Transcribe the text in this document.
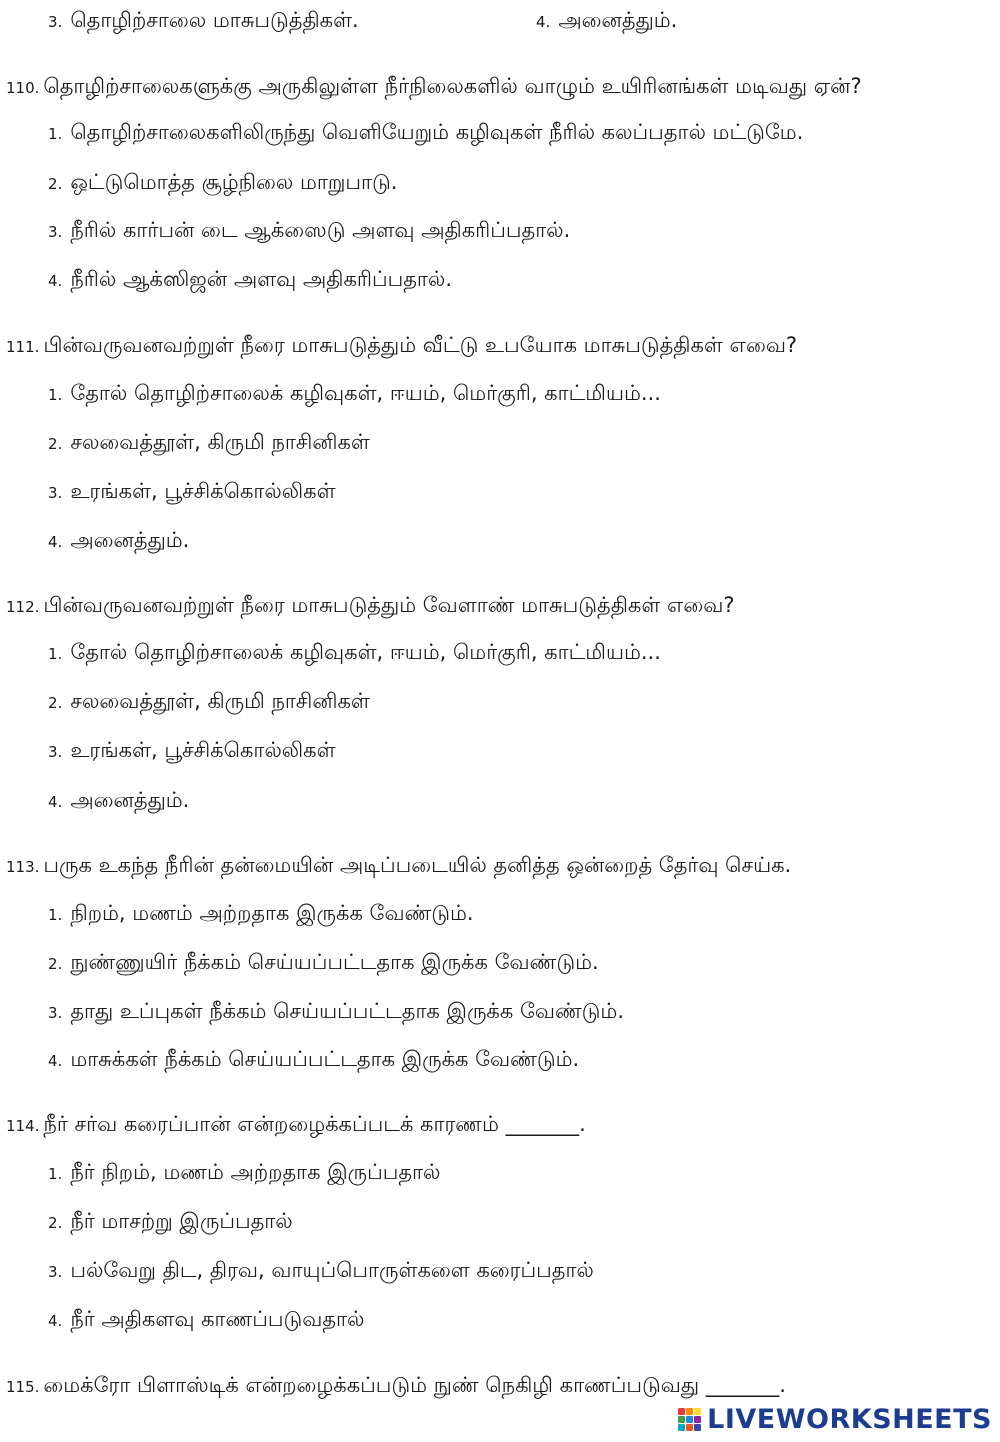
3. தொழிற்சாலை மாசுபடுத்திகள்.	4. அனைத்தும்.
110. தொழிற்சாலைகளுக்கு அருகிலுள்ள நீர்நிலைகளில் வாழும் உயிரினங்கள் மடிவது ஏன்?
1. தொழிற்சாலைகளிலிருந்து வெளியேறும் கழிவுகள் நீரில் கலப்பதால் மட்டுமே.
2. ஒட்டுமொத்த சூழ்நிலை மாறுபாடு.
3. நீரில் கார்பன் டை ஆக்ஸைடு அளவு அதிகரிப்பதால்.
4. நீரில் ஆக்ஸிஜன் அளவு அதிகரிப்பதால்.
111. பின்வருவனவற்றுள் நீரை மாசுபடுத்தும் வீட்டு உபயோக மாசுபடுத்திகள் எவை?
1. தோல் தொழிற்சாலைக் கழிவுகள், ஈயம், மெர்குரி, காட்மியம்...
2. சலவைத்தூள், கிருமி நாசினிகள்
3. உரங்கள், பூச்சிக்கொல்லிகள்
4. அனைத்தும்.
112. பின்வருவனவற்றுள் நீரை மாசுபடுத்தும் வேளாண் மாசுபடுத்திகள் எவை?
1. தோல் தொழிற்சாலைக் கழிவுகள், ஈயம், மெர்குரி, காட்மியம்...
2. சலவைத்தூள், கிருமி நாசினிகள்
3. உரங்கள், பூச்சிக்கொல்லிகள்
4. அனைத்தும்.
113. பருக உகந்த நீரின் தன்மையின் அடிப்படையில் தனித்த ஒன்றைத் தேர்வு செய்க.
1. நிறம், மணம் அற்றதாக இருக்க வேண்டும்.
2. நுண்ணுயிர் நீக்கம் செய்யப்பட்டதாக இருக்க வேண்டும்.
3. தாது உப்புகள் நீக்கம் செய்யப்பட்டதாக இருக்க வேண்டும்.
4. மாசுக்கள் நீக்கம் செய்யப்பட்டதாக இருக்க வேண்டும்.
114. நீர் சர்வ கரைப்பான் என்றழைக்கப்படக் காரணம் _______.
1. நீர் நிறம், மணம் அற்றதாக இருப்பதால்
2. நீர் மாசற்று இருப்பதால்
3. பல்வேறு திட, திரவ, வாயுப்பொருள்களை கரைப்பதால்
4. நீர் அதிகளவு காணப்படுவதால்
115. மைக்ரோ பிளாஸ்டிக் என்றழைக்கப்படும் நுண் நெகிழி காணப்படுவது _______.
LIVEWORKSHEETS
